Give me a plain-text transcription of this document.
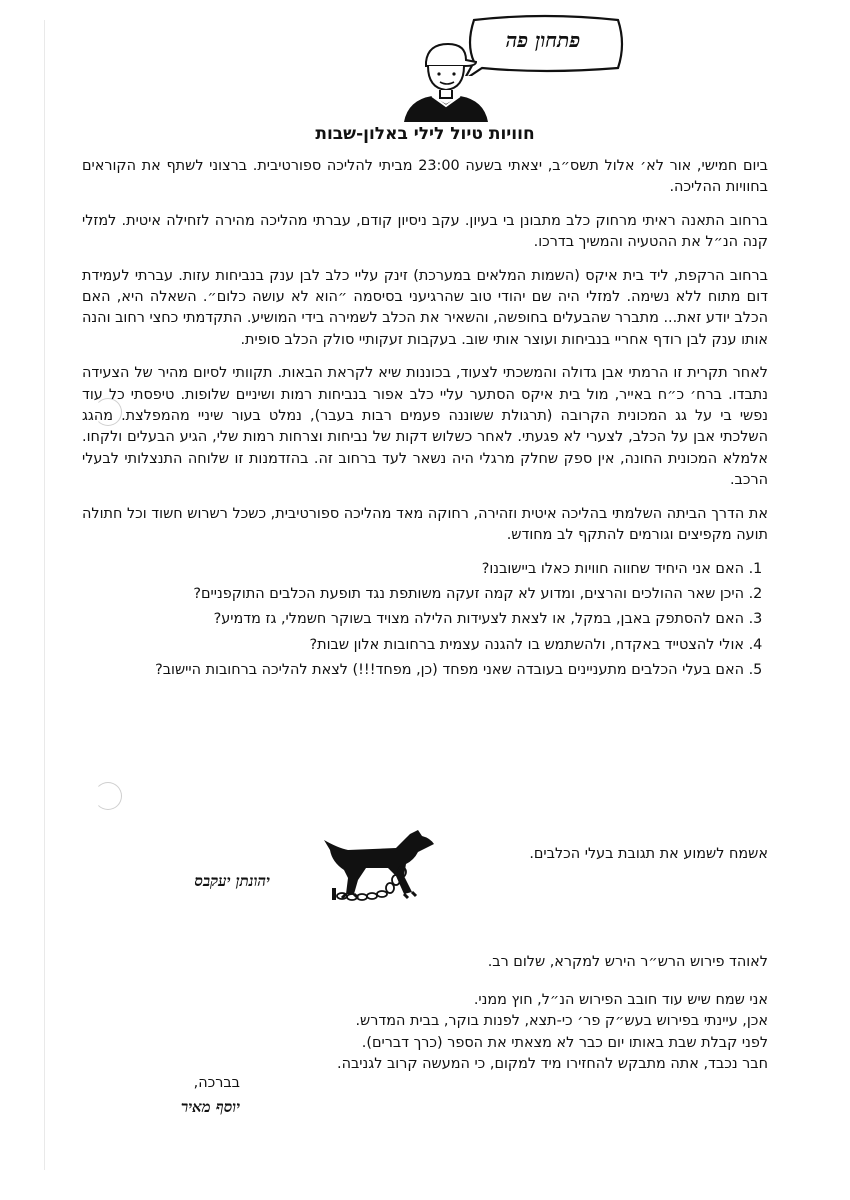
פתחון פה
חוויות טיול לילי באלון-שבות

ביום חמישי, אור לא׳ אלול תשס״ב, יצאתי בשעה 23:00 מביתי להליכה ספורטיבית. ברצוני לשתף את הקוראים בחוויות ההליכה.

ברחוב התאנה ראיתי מרחוק כלב מתבונן בי בעיון. עקב ניסיון קודם, עברתי מהליכה מהירה לזחילה איטית. למזלי קנה הנ״ל את ההטעיה והמשיך בדרכו.

ברחוב הרקפת, ליד בית איקס (השמות המלאים במערכת) זינק עליי כלב לבן ענק בנביחות עזות. עברתי לעמידת דום מתוח ללא נשימה. למזלי היה שם יהודי טוב שהרגיעני בסיסמה ״הוא לא עושה כלום״. השאלה היא, האם הכלב יודע זאת... מתברר שהבעלים בחופשה, והשאיר את הכלב לשמירה בידי המושיע. התקדמתי כחצי רחוב והנה אותו ענק לבן רודף אחריי בנביחות ועוצר אותי שוב. בעקבות זעקותיי סולק הכלב סופית.

לאחר תקרית זו הרמתי אבן גדולה והמשכתי לצעוד, בכוננות שיא לקראת הבאות. תקוותי לסיום מהיר של הצעידה נתבדו. ברח׳ כ״ח באייר, מול בית איקס הסתער עליי כלב אפור בנביחות רמות ושיניים שלופות. טיפסתי כל עוד נפשי בי על גג המכונית הקרובה (תרגולת ששוננה פעמים רבות בעבר), נמלט בעור שיניי מהמפלצת. מהגג השלכתי אבן על הכלב, לצערי לא פגעתי. לאחר כשלוש דקות של נביחות וצרחות רמות שלי, הגיע הבעלים ולקחו. אלמלא המכונית החונה, אין ספק שחלק מרגלי היה נשאר לעד ברחוב זה. בהזדמנות זו שלוחה התנצלותי לבעלי הרכב.

את הדרך הביתה השלמתי בהליכה איטית וזהירה, רחוקה מאד מהליכה ספורטיבית, כשכל רשרוש חשוד וכל חתולה תועה מקפיצים וגורמים להתקף לב מחודש.

1. האם אני היחיד שחווה חוויות כאלו ביישובנו?
2. היכן שאר ההולכים והרצים, ומדוע לא קמה זעקה משותפת נגד תופעת הכלבים התוקפניים?
3. האם להסתפק באבן, במקל, או לצאת לצעידות הלילה מצויד בשוקר חשמלי, גז מדמיע?
4. אולי להצטייד באקדח, ולהשתמש בו להגנה עצמית ברחובות אלון שבות?
5. האם בעלי הכלבים מתעניינים בעובדה שאני מפחד (כן, מפחד!!!) לצאת להליכה ברחובות היישוב?
אשמח לשמוע את תגובת בעלי הכלבים.
יהונתן יעקבס

לאוהד פירוש הרש״ר הירש למקרא, שלום רב.

אני שמח שיש עוד חובב הפירוש הנ״ל, חוץ ממני.

אכן, עיינתי בפירוש בעש״ק פר׳ כי-תצא, לפנות בוקר, בבית המדרש.

לפני קבלת שבת באותו יום כבר לא מצאתי את הספר (כרך דברים).

חבר נכבד, אתה מתבקש להחזירו מיד למקום, כי המעשה קרוב לגניבה.

בברכה,
יוסף מאיר
